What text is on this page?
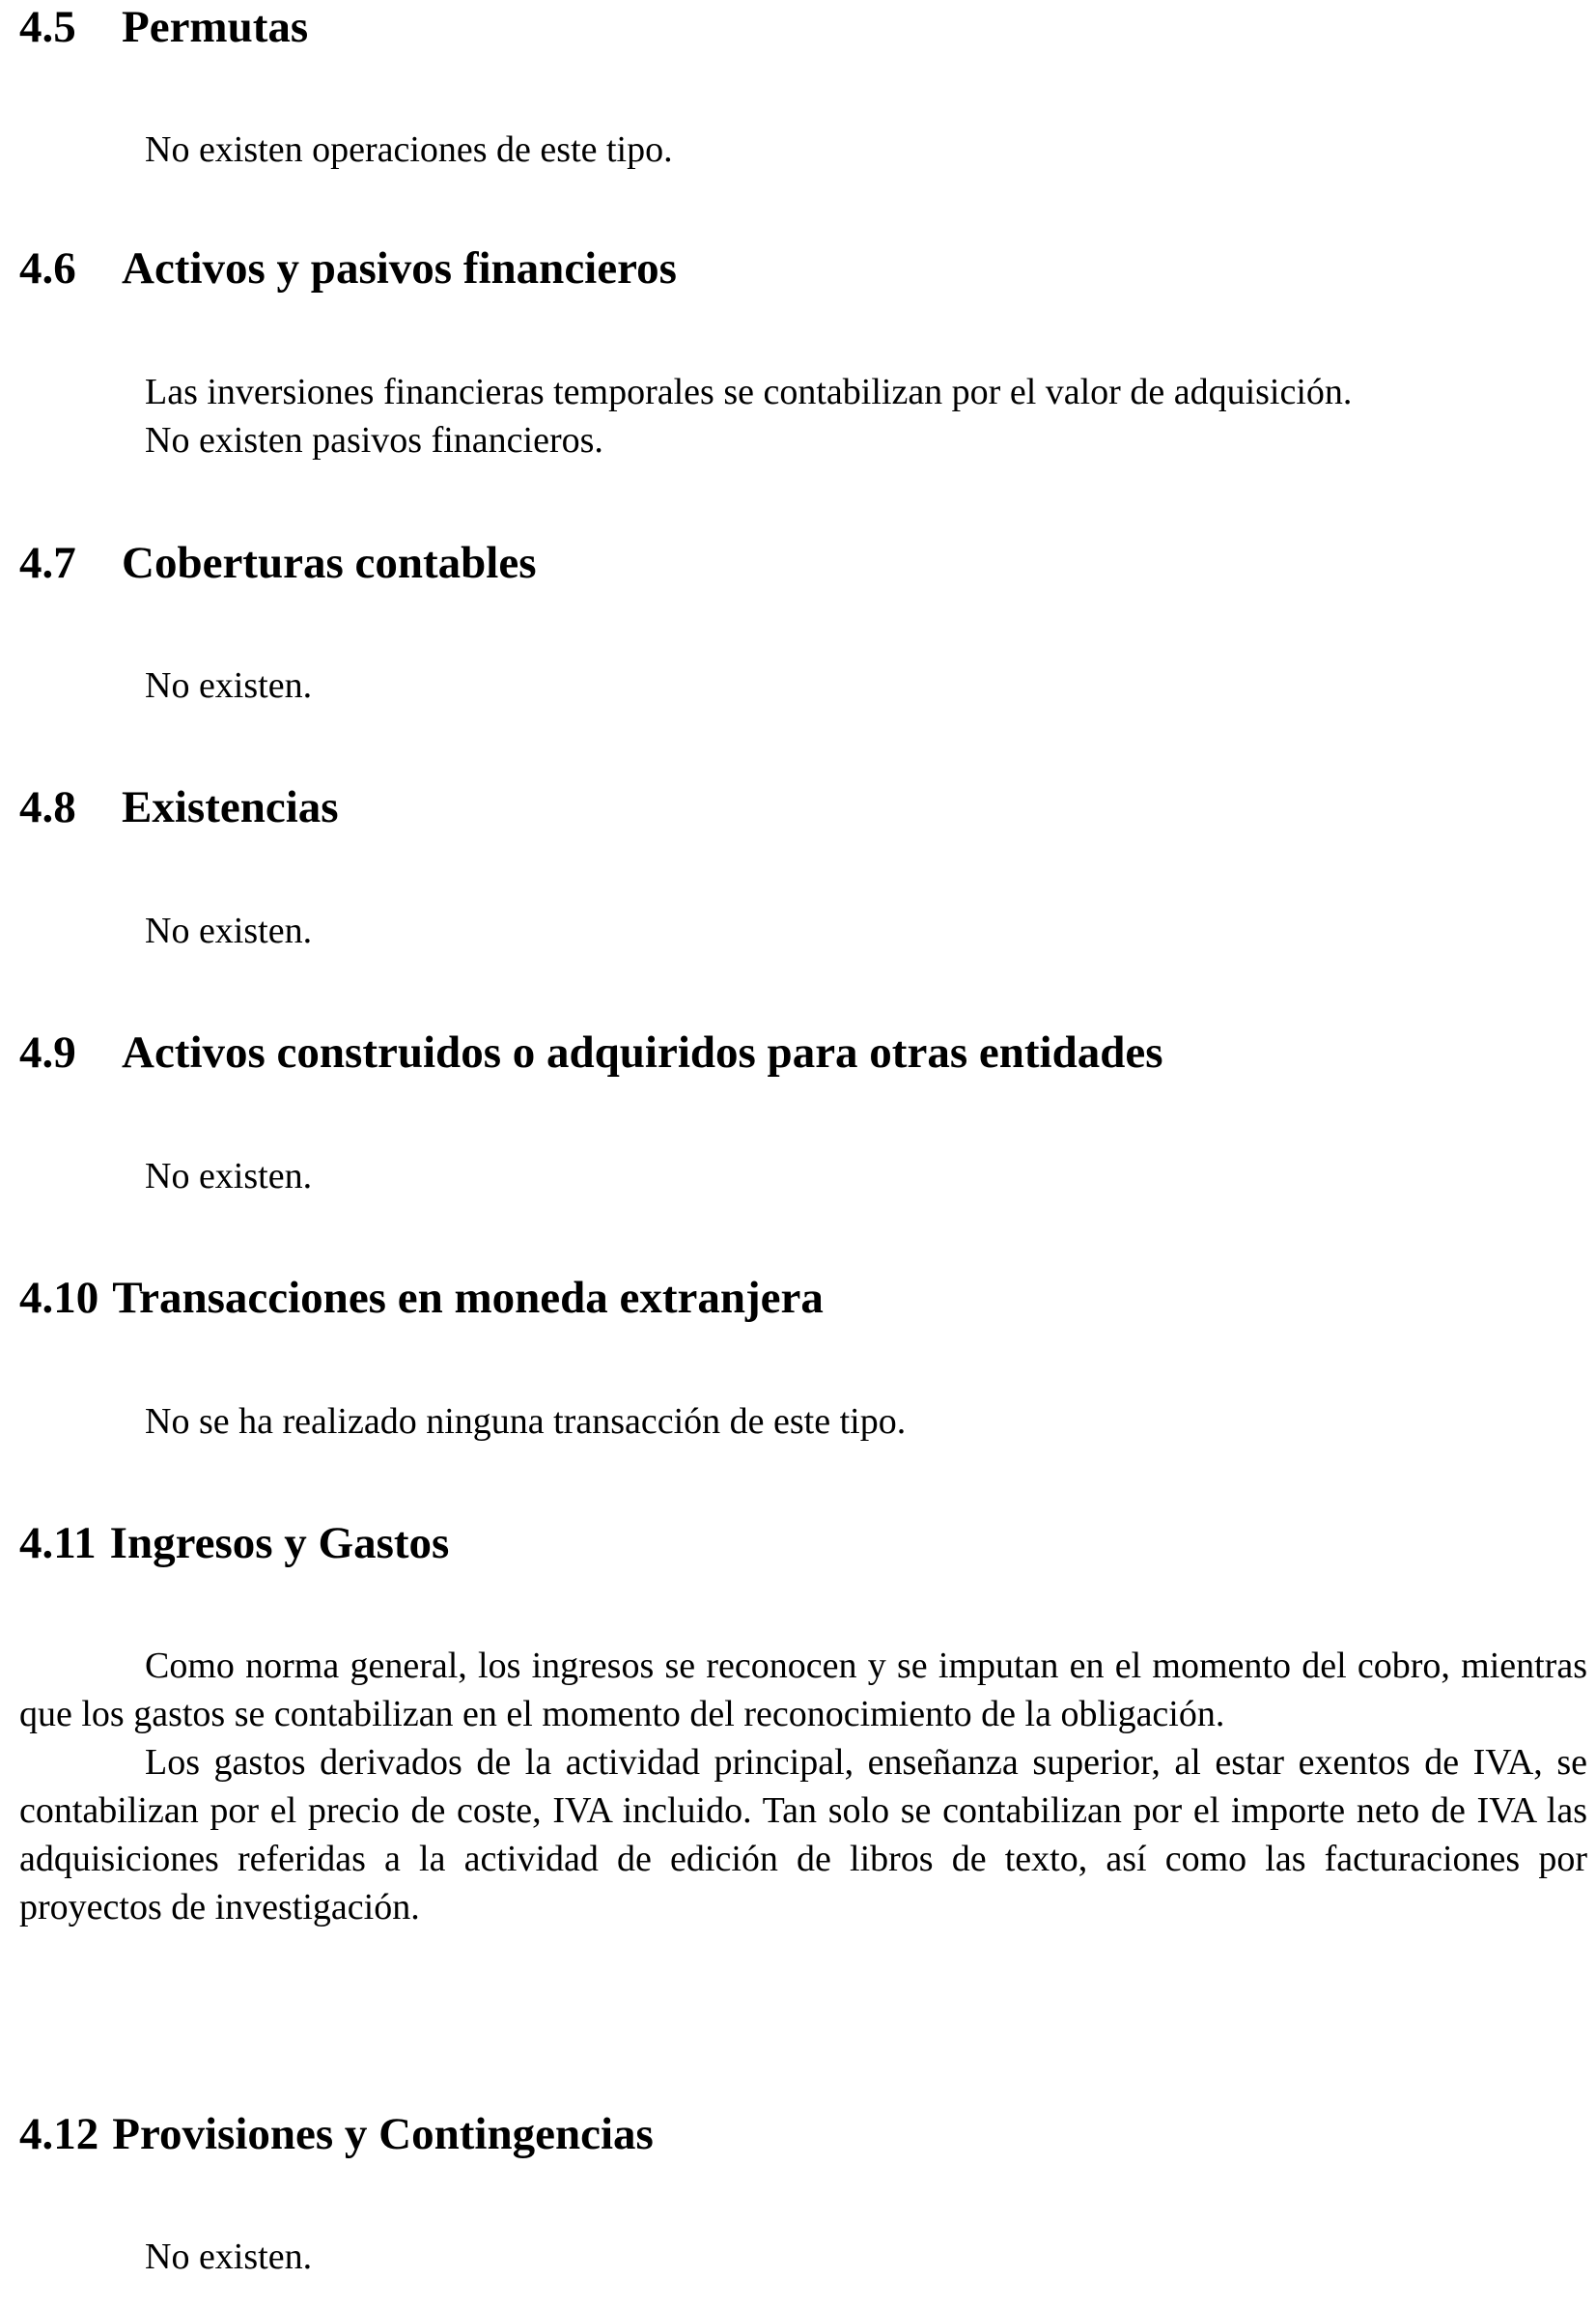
4.5 Permutas

No existen operaciones de este tipo.

4.6 Activos y pasivos financieros

Las inversiones financieras temporales se contabilizan por el valor de adquisición.

No existen pasivos financieros.

4.7 Coberturas contables

No existen.

4.8 Existencias

No existen.

4.9 Activos construidos o adquiridos para otras entidades

No existen.

4.10 Transacciones en moneda extranjera

No se ha realizado ninguna transacción de este tipo.

4.11 Ingresos y Gastos

Como norma general, los ingresos se reconocen y se imputan en el momento del cobro, mientras que los gastos se contabilizan en el momento del reconocimiento de la obligación.

Los gastos derivados de la actividad principal, enseñanza superior, al estar exentos de IVA, se contabilizan por el precio de coste, IVA incluido. Tan solo se contabilizan por el importe neto de IVA las adquisiciones referidas a la actividad de edición de libros de texto, así como las facturaciones por proyectos de investigación.

4.12 Provisiones y Contingencias

No existen.
